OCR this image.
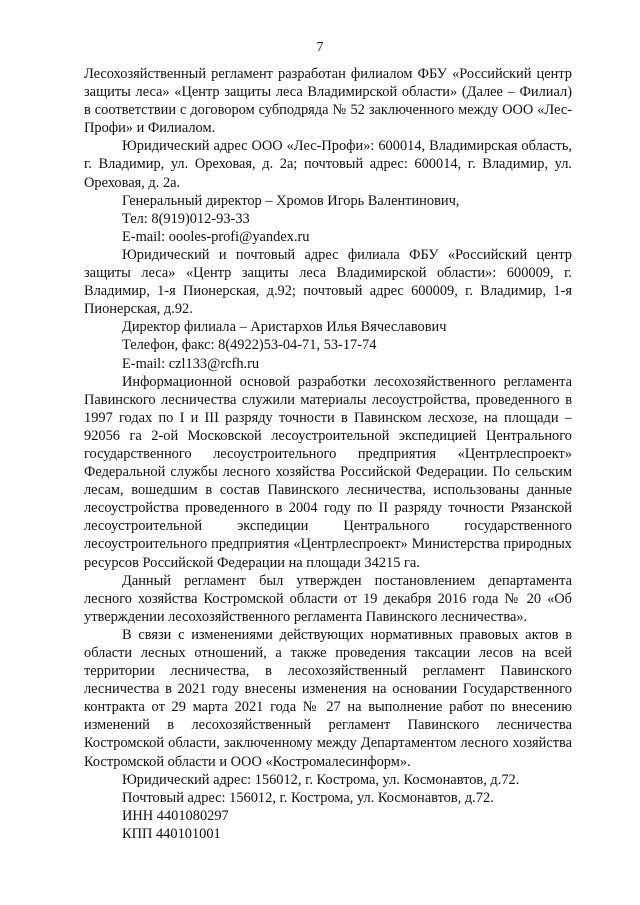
7

Лесохозяйственный регламент разработан филиалом ФБУ «Российский центр защиты леса» «Центр защиты леса Владимирской области» (Далее – Филиал) в соответствии с договором субподряда № 52 заключенного между ООО «Лес-Профи» и Филиалом.

Юридический адрес ООО «Лес-Профи»: 600014, Владимирская область, г. Владимир, ул. Ореховая, д. 2а; почтовый адрес: 600014, г. Владимир, ул. Ореховая, д. 2а.

Генеральный директор – Хромов Игорь Валентинович,

Тел: 8(919)012-93-33

E-mail: oooles-profi@yandex.ru

Юридический и почтовый адрес филиала ФБУ «Российский центр защиты леса» «Центр защиты леса Владимирской области»: 600009, г. Владимир, 1-я Пионерская, д.92; почтовый адрес 600009, г. Владимир, 1-я Пионерская, д.92.

Директор филиала – Аристархов Илья Вячеславович

Телефон, факс: 8(4922)53-04-71, 53-17-74

E-mail: czl133@rcfh.ru

Информационной основой разработки лесохозяйственного регламента Павинского лесничества служили материалы лесоустройства, проведенного в 1997 годах по I и III разряду точности в Павинском лесхозе, на площади – 92056 га 2-ой Московской лесоустроительной экспедицией Центрального государственного лесоустроительного предприятия «Центрлеспроект» Федеральной службы лесного хозяйства Российской Федерации. По сельским лесам, вошедшим в состав Павинского лесничества, использованы данные лесоустройства проведенного в 2004 году по II разряду точности Рязанской лесоустроительной экспедиции Центрального государственного лесоустроительного предприятия «Центрлеспроект» Министерства природных ресурсов Российской Федерации на площади 34215 га.

Данный регламент был утвержден постановлением департамента лесного хозяйства Костромской области от 19 декабря 2016 года № 20 «Об утверждении лесохозяйственного регламента Павинского лесничества».

В связи с изменениями действующих нормативных правовых актов в области лесных отношений, а также проведения таксации лесов на всей территории лесничества, в лесохозяйственный регламент Павинского лесничества в 2021 году внесены изменения на основании Государственного контракта от 29 марта 2021 года № 27 на выполнение работ по внесению изменений в лесохозяйственный регламент Павинского лесничества Костромской области, заключенному между Департаментом лесного хозяйства Костромской области и ООО «Костромалесинформ».

Юридический адрес: 156012, г. Кострома, ул. Космонавтов, д.72.

Почтовый адрес: 156012, г. Кострома, ул. Космонавтов, д.72.

ИНН 4401080297

КПП 440101001
